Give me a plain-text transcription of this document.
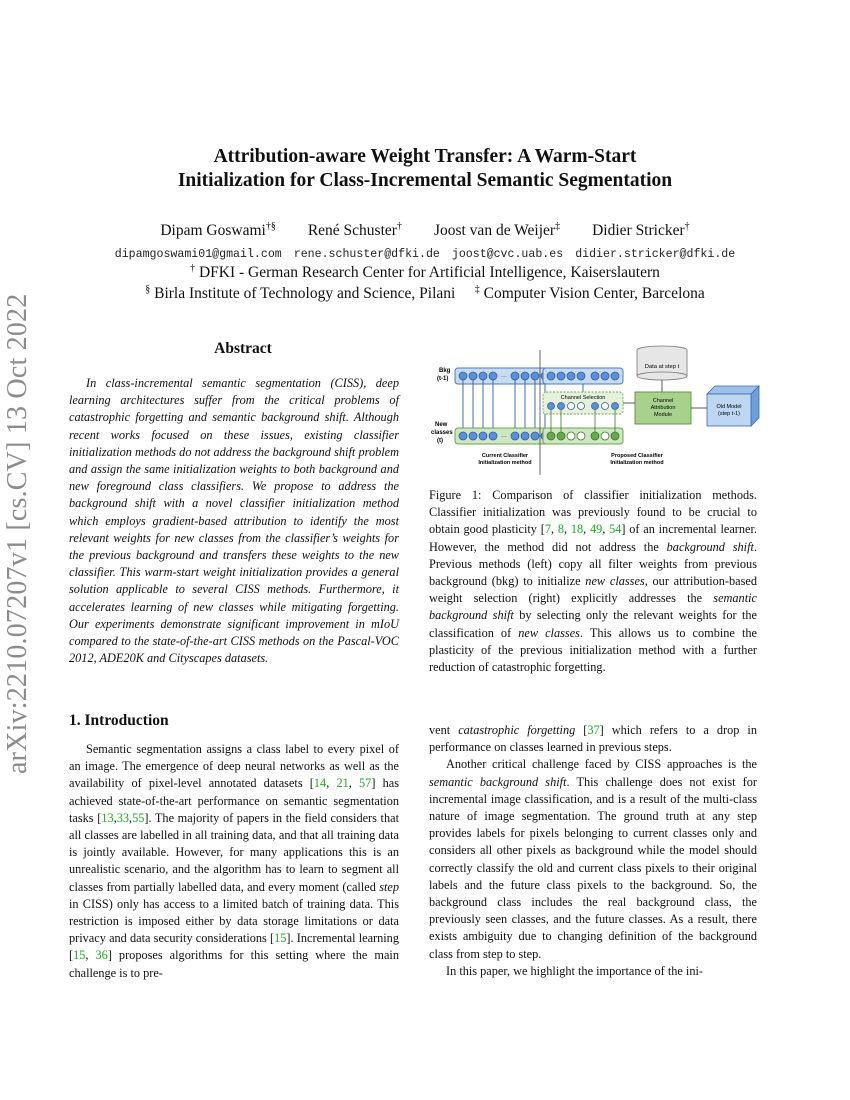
arXiv:2210.07207v1 [cs.CV] 13 Oct 2022
Attribution-aware Weight Transfer: A Warm-Start
Initialization for Class-Incremental Semantic Segmentation
Dipam Goswami†§ René Schuster† Joost van de Weijer‡ Didier Stricker†
dipamgoswami01@gmail.com rene.schuster@dfki.de joost@cvc.uab.es didier.stricker@dfki.de
† DFKI - German Research Center for Artificial Intelligence, Kaiserslautern
§ Birla Institute of Technology and Science, Pilani ‡ Computer Vision Center, Barcelona
Abstract
In class-incremental semantic segmentation (CISS), deep learning architectures suffer from the critical problems of catastrophic forgetting and semantic background shift. Although recent works focused on these issues, existing classifier initialization methods do not address the background shift problem and assign the same initialization weights to both background and new foreground class classifiers. We propose to address the background shift with a novel classifier initialization method which employs gradient-based attribution to identify the most relevant weights for new classes from the classifier’s weights for the previous background and transfers these weights to the new classifier. This warm-start weight initialization provides a general solution applicable to several CISS methods. Furthermore, it accelerates learning of new classes while mitigating forgetting. Our experiments demonstrate significant improvement in mIoU compared to the state-of-the-art CISS methods on the Pascal-VOC 2012, ADE20K and Cityscapes datasets.
Bkg
(t-1)
New
classes
(t)
···
···
Current Classifier
Initialization method
Channel Selection
Proposed Classifier
Initialization method
Data at step t
Channel
Attribution
Module
Old Model
(step t-1)
Figure 1: Comparison of classifier initialization methods. Classifier initialization was previously found to be crucial to obtain good plasticity [7, 8, 18, 49, 54] of an incremental learner. However, the method did not address the background shift. Previous methods (left) copy all filter weights from previous background (bkg) to initialize new classes, our attribution-based weight selection (right) explicitly addresses the semantic background shift by selecting only the relevant weights for the classification of new classes. This allows us to combine the plasticity of the previous initialization method with a further reduction of catastrophic forgetting.
1. Introduction

Semantic segmentation assigns a class label to every pixel of an image. The emergence of deep neural networks as well as the availability of pixel-level annotated datasets [14, 21, 57] has achieved state-of-the-art performance on semantic segmentation tasks [13,33,55]. The majority of papers in the field considers that all classes are labelled in all training data, and that all training data is jointly available. However, for many applications this is an unrealistic scenario, and the algorithm has to learn to segment all classes from partially labelled data, and every moment (called step in CISS) only has access to a limited batch of training data. This restriction is imposed either by data storage limitations or data privacy and data security considerations [15]. Incremental learning [15, 36] proposes algorithms for this setting where the main challenge is to pre-

vent catastrophic forgetting [37] which refers to a drop in performance on classes learned in previous steps.

Another critical challenge faced by CISS approaches is the semantic background shift. This challenge does not exist for incremental image classification, and is a result of the multi-class nature of image segmentation. The ground truth at any step provides labels for pixels belonging to current classes only and considers all other pixels as background while the model should correctly classify the old and current class pixels to their original labels and the future class pixels to the background. So, the background class includes the real background class, the previously seen classes, and the future classes. As a result, there exists ambiguity due to changing definition of the background class from step to step.

In this paper, we highlight the importance of the ini-
